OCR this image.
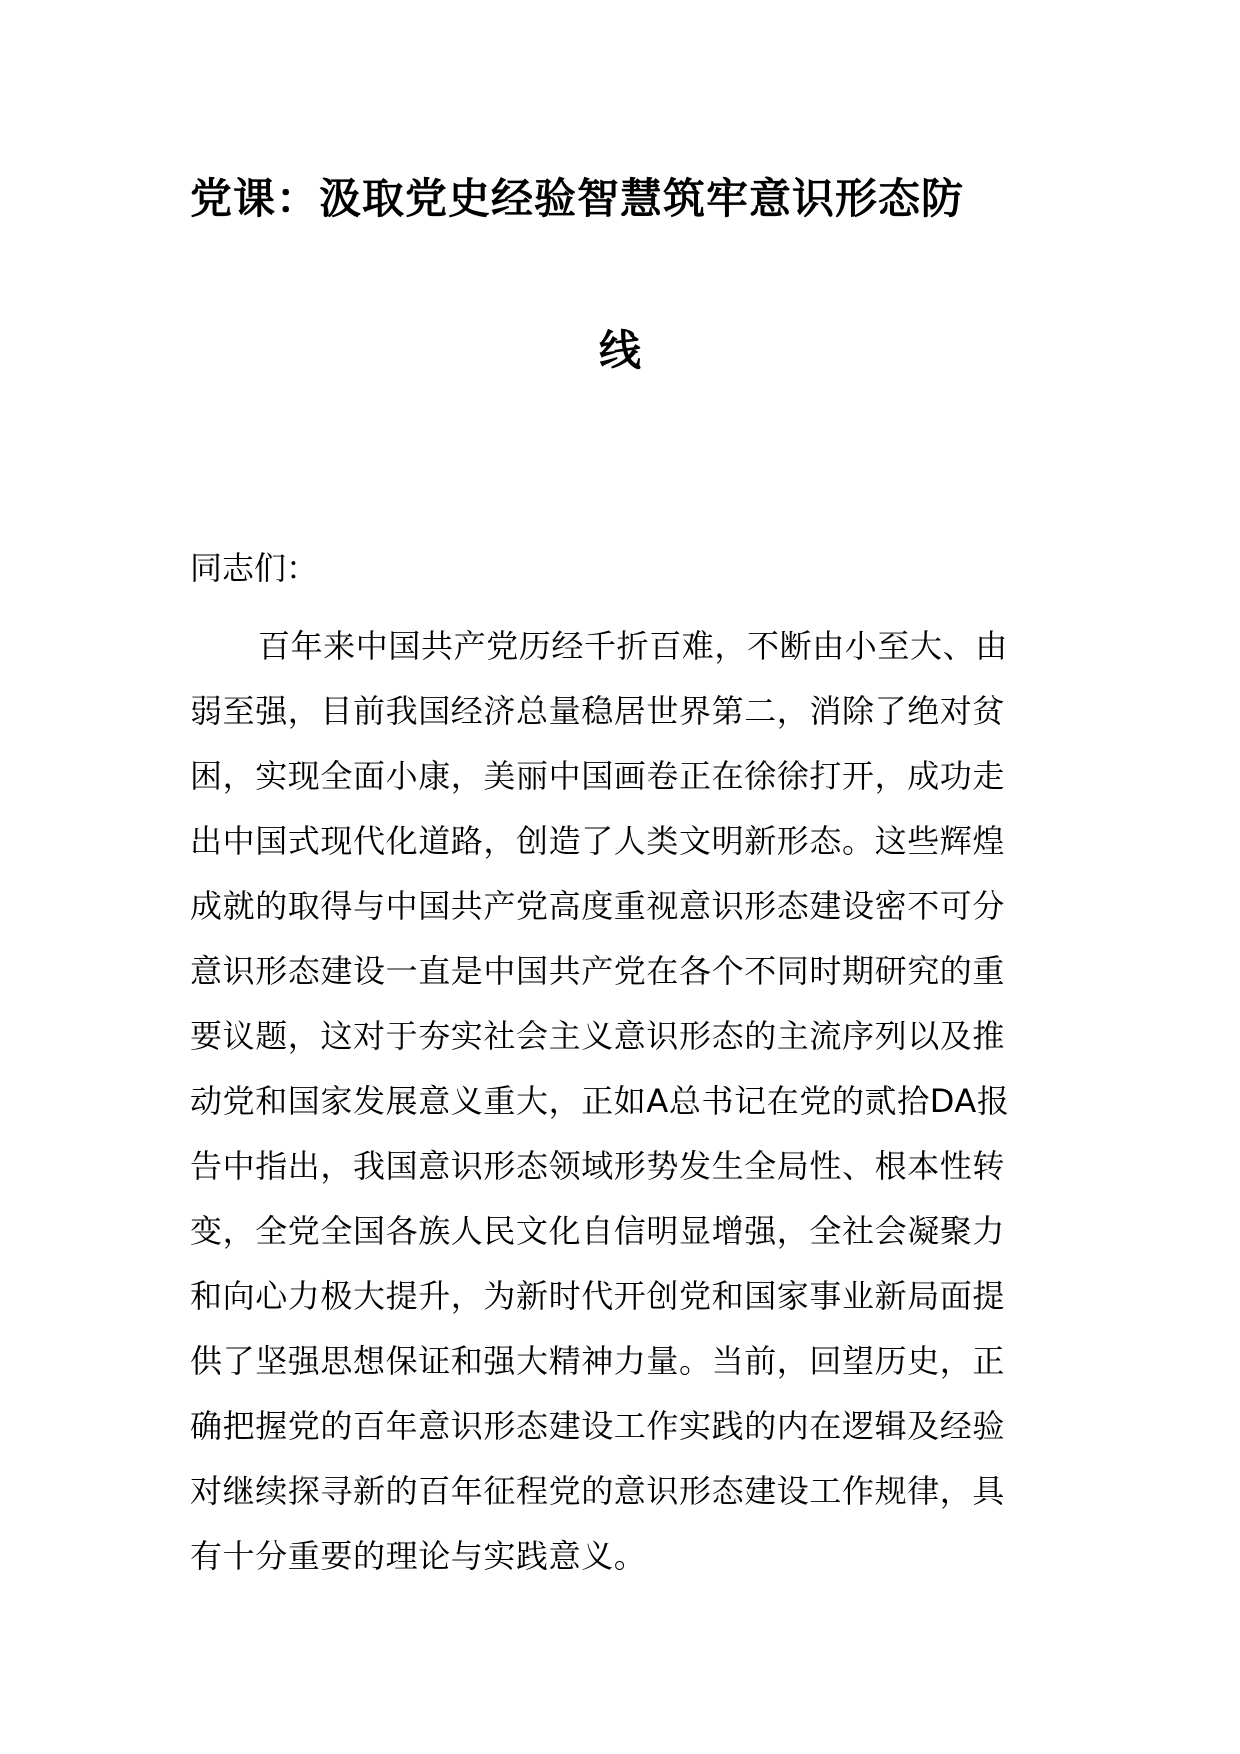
党课：汲取党史经验智慧筑牢意识形态防
线

同志们：

百年来中国共产党历经千折百难，不断由小至大、由
弱至强，目前我国经济总量稳居世界第二，消除了绝对贫
困，实现全面小康，美丽中国画卷正在徐徐打开，成功走
出中国式现代化道路，创造了人类文明新形态。这些辉煌
成就的取得与中国共产党高度重视意识形态建设密不可分
意识形态建设一直是中国共产党在各个不同时期研究的重
要议题，这对于夯实社会主义意识形态的主流序列以及推
动党和国家发展意义重大，正如A总书记在党的贰拾DA报
告中指出，我国意识形态领域形势发生全局性、根本性转
变，全党全国各族人民文化自信明显增强，全社会凝聚力
和向心力极大提升，为新时代开创党和国家事业新局面提
供了坚强思想保证和强大精神力量。当前，回望历史，正
确把握党的百年意识形态建设工作实践的内在逻辑及经验
对继续探寻新的百年征程党的意识形态建设工作规律，具
有十分重要的理论与实践意义。
